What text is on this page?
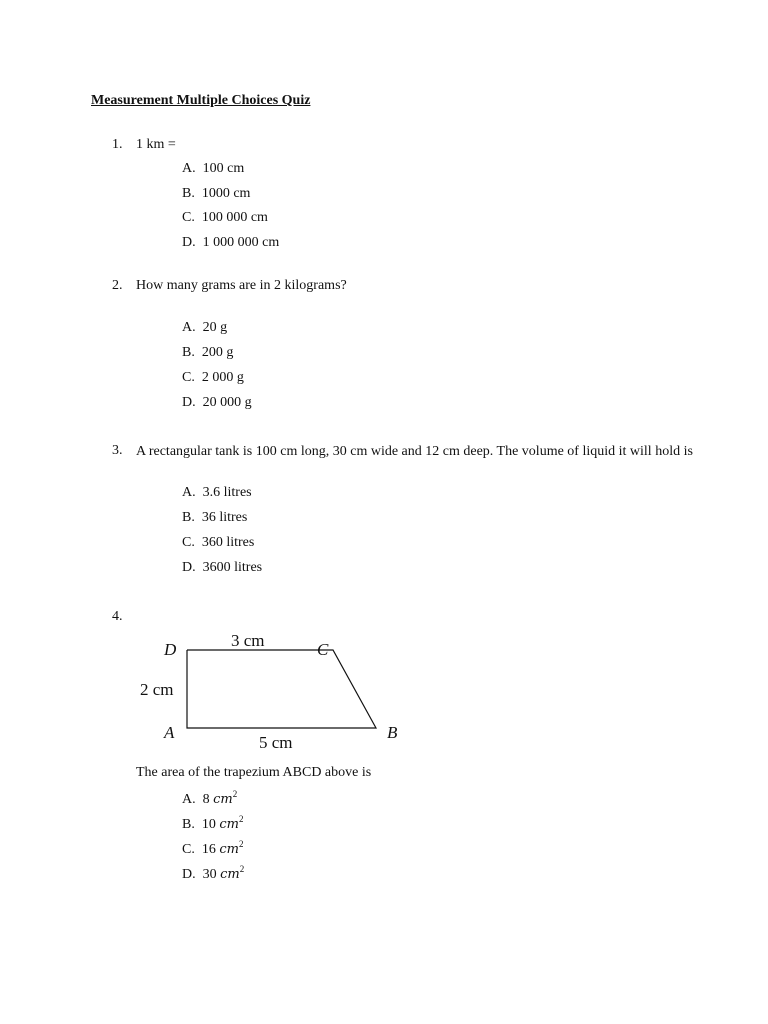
Measurement Multiple Choices Quiz
1. 1 km =
A. 100 cm
B. 1000 cm
C. 100 000 cm
D. 1 000 000 cm
2. How many grams are in 2 kilograms?
A. 20 g
B. 200 g
C. 2 000 g
D. 20 000 g
3. A rectangular tank is 100 cm long, 30 cm wide and 12 cm deep. The volume of liquid it will hold is
A. 3.6 litres
B. 36 litres
C. 360 litres
D. 3600 litres
4.
D	C
A	B
3 cm
2 cm
5 cm
The area of the trapezium ABCD above is
A. 8 $cm^2$
B. 10 $cm^2$
C. 16 $cm^2$
D. 30 $cm^2$
